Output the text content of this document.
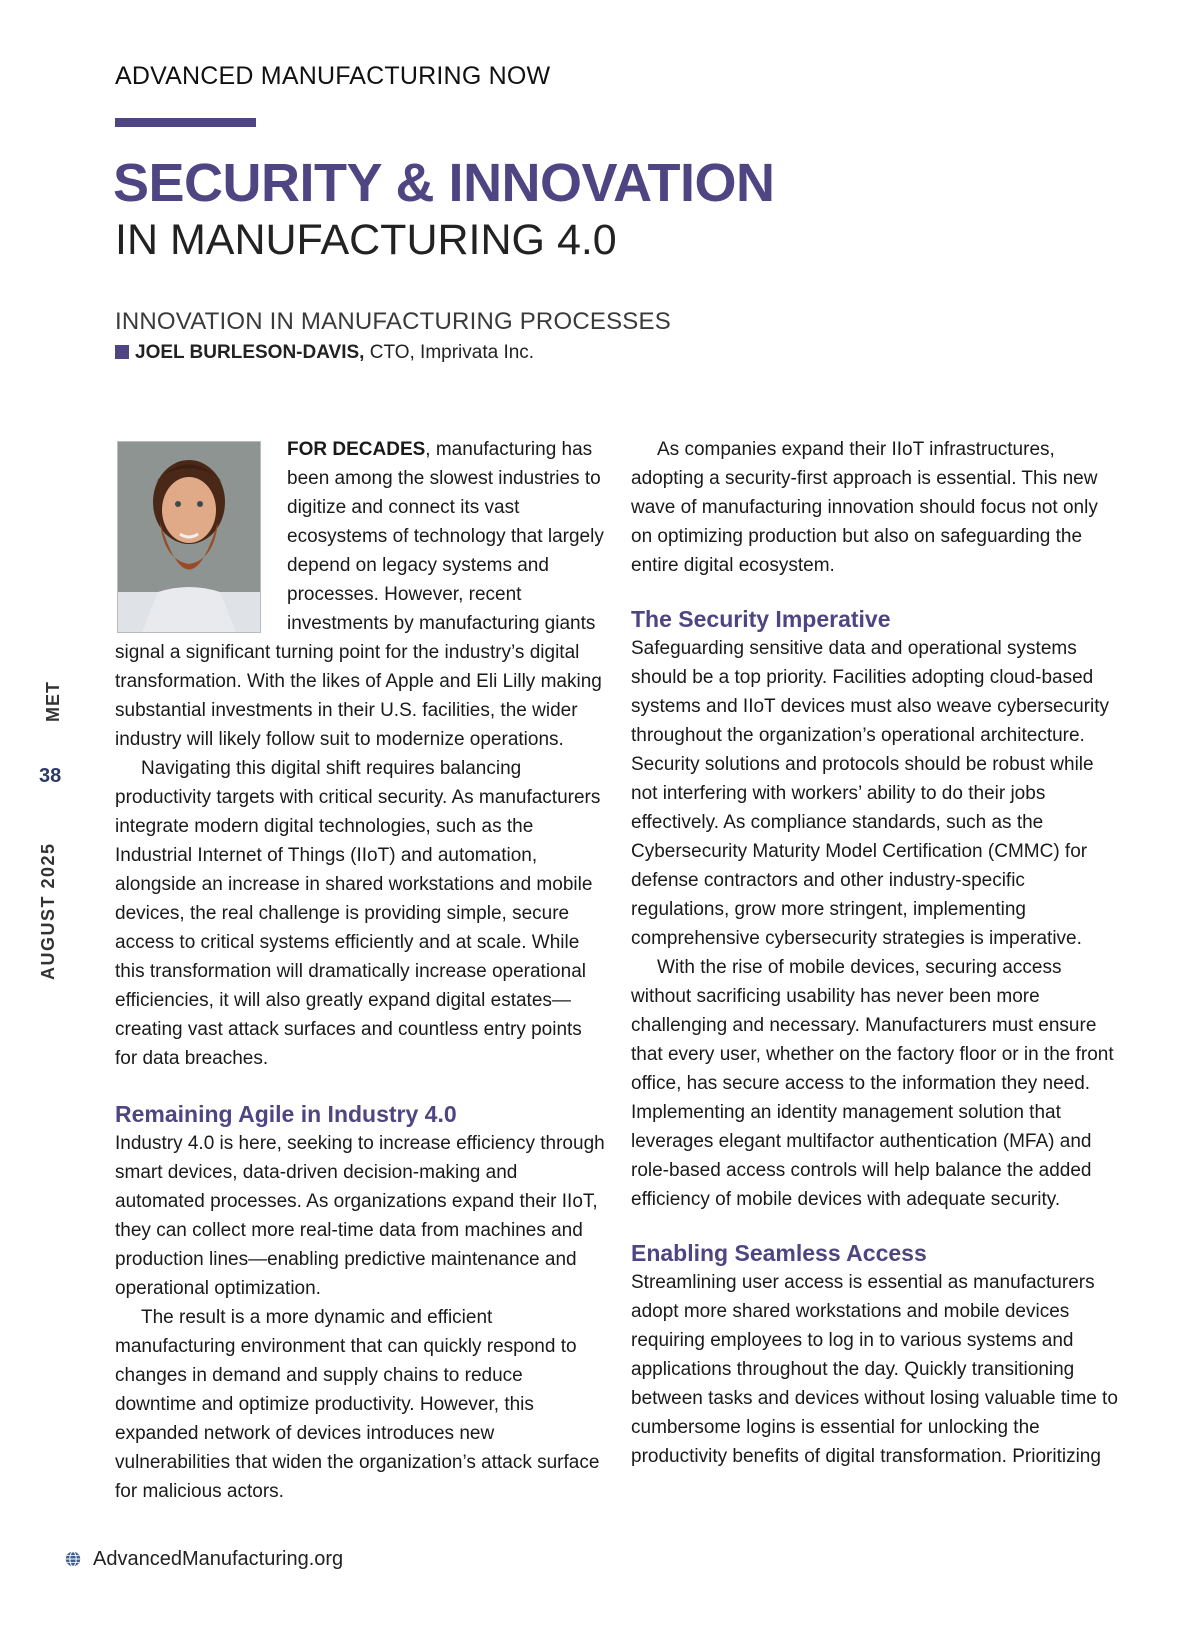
ADVANCED MANUFACTURING NOW
SECURITY & INNOVATION
IN MANUFACTURING 4.0
INNOVATION IN MANUFACTURING PROCESSES
JOEL BURLESON-DAVIS, CTO, Imprivata Inc.
MET
38
AUGUST 2025

FOR DECADES
, manufacturing has been among the slowest industries to digitize and connect its vast ecosystems of technology that largely depend on legacy systems and processes. However, recent investments by manufacturing giants signal a significant turning point for the industry’s digital transformation. With the likes of Apple and Eli Lilly making substantial investments in their U.S. facilities, the wider industry will likely follow suit to modernize operations.

Navigating this digital shift requires balancing productivity targets with critical security. As manufacturers integrate modern digital technologies, such as the Industrial Internet of Things (IIoT) and automation, alongside an increase in shared workstations and mobile devices, the real challenge is providing simple, secure access to critical systems efficiently and at scale. While this transformation will dramatically increase operational efficiencies, it will also greatly expand digital estates—creating vast attack surfaces and countless entry points for data breaches.

Remaining Agile in Industry 4.0

Industry 4.0 is here, seeking to increase efficiency through smart devices, data-driven decision-making and automated processes. As organizations expand their IIoT, they can collect more real-time data from machines and production lines—enabling predictive maintenance and operational optimization.

The result is a more dynamic and efficient manufacturing environment that can quickly respond to changes in demand and supply chains to reduce downtime and optimize productivity. However, this expanded network of devices introduces new vulnerabilities that widen the organization’s attack surface for malicious actors.

As companies expand their IIoT infrastructures, adopting a security-first approach is essential. This new wave of manufacturing innovation should focus not only on optimizing production but also on safeguarding the entire digital ecosystem.

The Security Imperative

Safeguarding sensitive data and operational systems should be a top priority. Facilities adopting cloud-based systems and IIoT devices must also weave cybersecurity throughout the organization’s operational architecture. Security solutions and protocols should be robust while not interfering with workers’ ability to do their jobs effectively. As compliance standards, such as the Cybersecurity Maturity Model Certification (CMMC) for defense contractors and other industry-specific regulations, grow more stringent, implementing comprehensive cybersecurity strategies is imperative.

With the rise of mobile devices, securing access without sacrificing usability has never been more challenging and necessary. Manufacturers must ensure that every user, whether on the factory floor or in the front office, has secure access to the information they need. Implementing an identity management solution that leverages elegant multifactor authentication (MFA) and role-based access controls will help balance the added efficiency of mobile devices with adequate security.

Enabling Seamless Access

Streamlining user access is essential as manufacturers adopt more shared workstations and mobile devices requiring employees to log in to various systems and applications throughout the day. Quickly transitioning between tasks and devices without losing valuable time to cumbersome logins is essential for unlocking the productivity benefits of digital transformation. Prioritizing

AdvancedManufacturing.org
